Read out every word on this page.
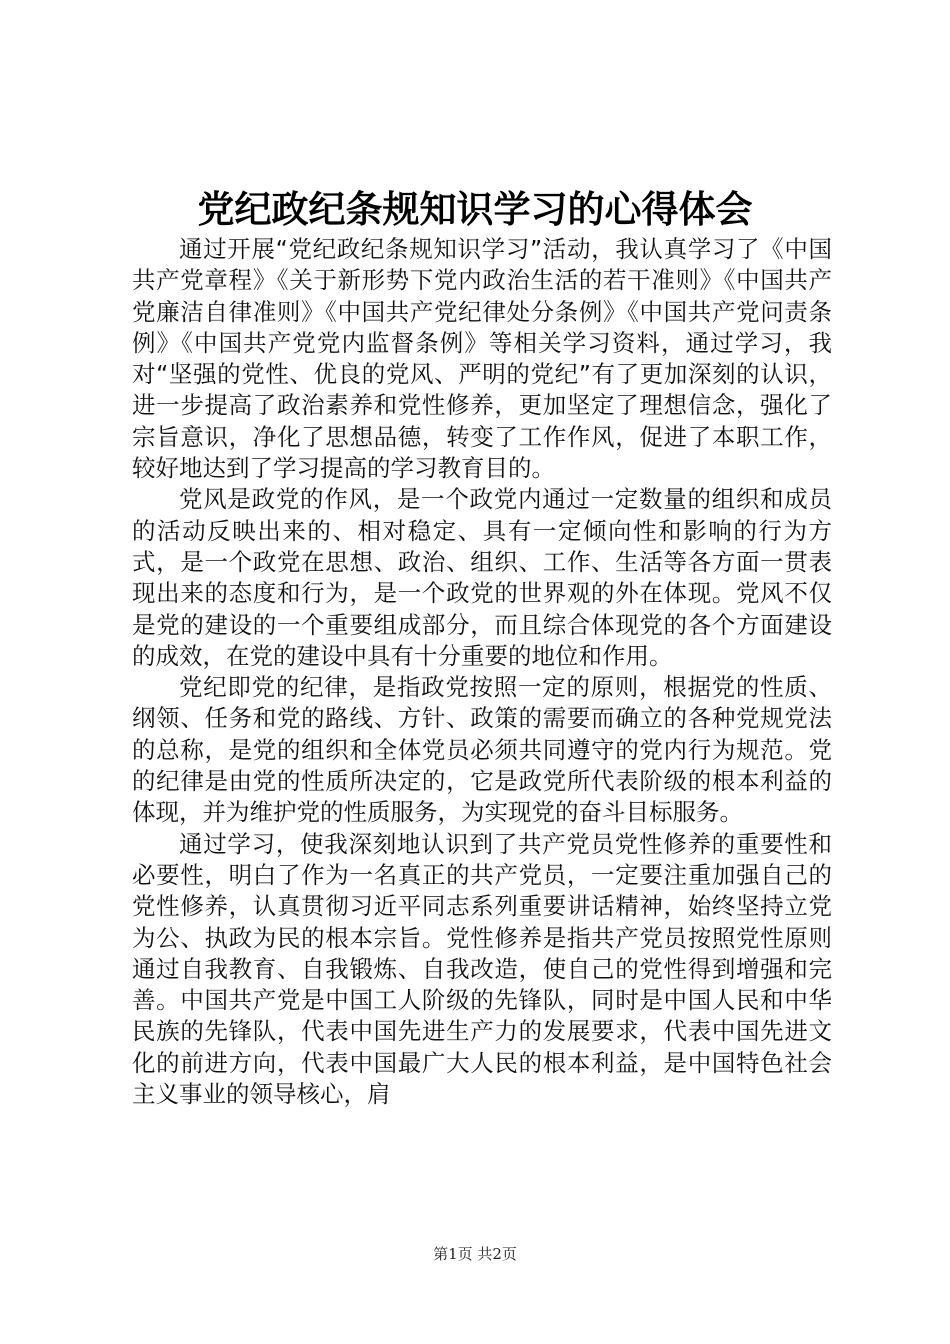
党纪政纪条规知识学习的心得体会

通过开展“党纪政纪条规知识学习”活动，我认真学习了《中国共产党章程》《关于新形势下党内政治生活的若干准则》《中国共产党廉洁自律准则》《中国共产党纪律处分条例》《中国共产党问责条例》《中国共产党党内监督条例》等相关学习资料，通过学习，我对“坚强的党性、优良的党风、严明的党纪”有了更加深刻的认识，进一步提高了政治素养和党性修养，更加坚定了理想信念，强化了宗旨意识，净化了思想品德，转变了工作作风，促进了本职工作，较好地达到了学习提高的学习教育目的。

党风是政党的作风，是一个政党内通过一定数量的组织和成员的活动反映出来的、相对稳定、具有一定倾向性和影响的行为方式，是一个政党在思想、政治、组织、工作、生活等各方面一贯表现出来的态度和行为，是一个政党的世界观的外在体现。党风不仅是党的建设的一个重要组成部分，而且综合体现党的各个方面建设的成效，在党的建设中具有十分重要的地位和作用。

党纪即党的纪律，是指政党按照一定的原则，根据党的性质、纲领、任务和党的路线、方针、政策的需要而确立的各种党规党法的总称，是党的组织和全体党员必须共同遵守的党内行为规范。党的纪律是由党的性质所决定的，它是政党所代表阶级的根本利益的体现，并为维护党的性质服务，为实现党的奋斗目标服务。

通过学习，使我深刻地认识到了共产党员党性修养的重要性和必要性，明白了作为一名真正的共产党员，一定要注重加强自己的党性修养，认真贯彻习近平同志系列重要讲话精神，始终坚持立党为公、执政为民的根本宗旨。党性修养是指共产党员按照党性原则通过自我教育、自我锻炼、自我改造，使自己的党性得到增强和完善。中国共产党是中国工人阶级的先锋队，同时是中国人民和中华民族的先锋队，代表中国先进生产力的发展要求，代表中国先进文化的前进方向，代表中国最广大人民的根本利益，是中国特色社会主义事业的领导核心，肩

第1页 共2页
